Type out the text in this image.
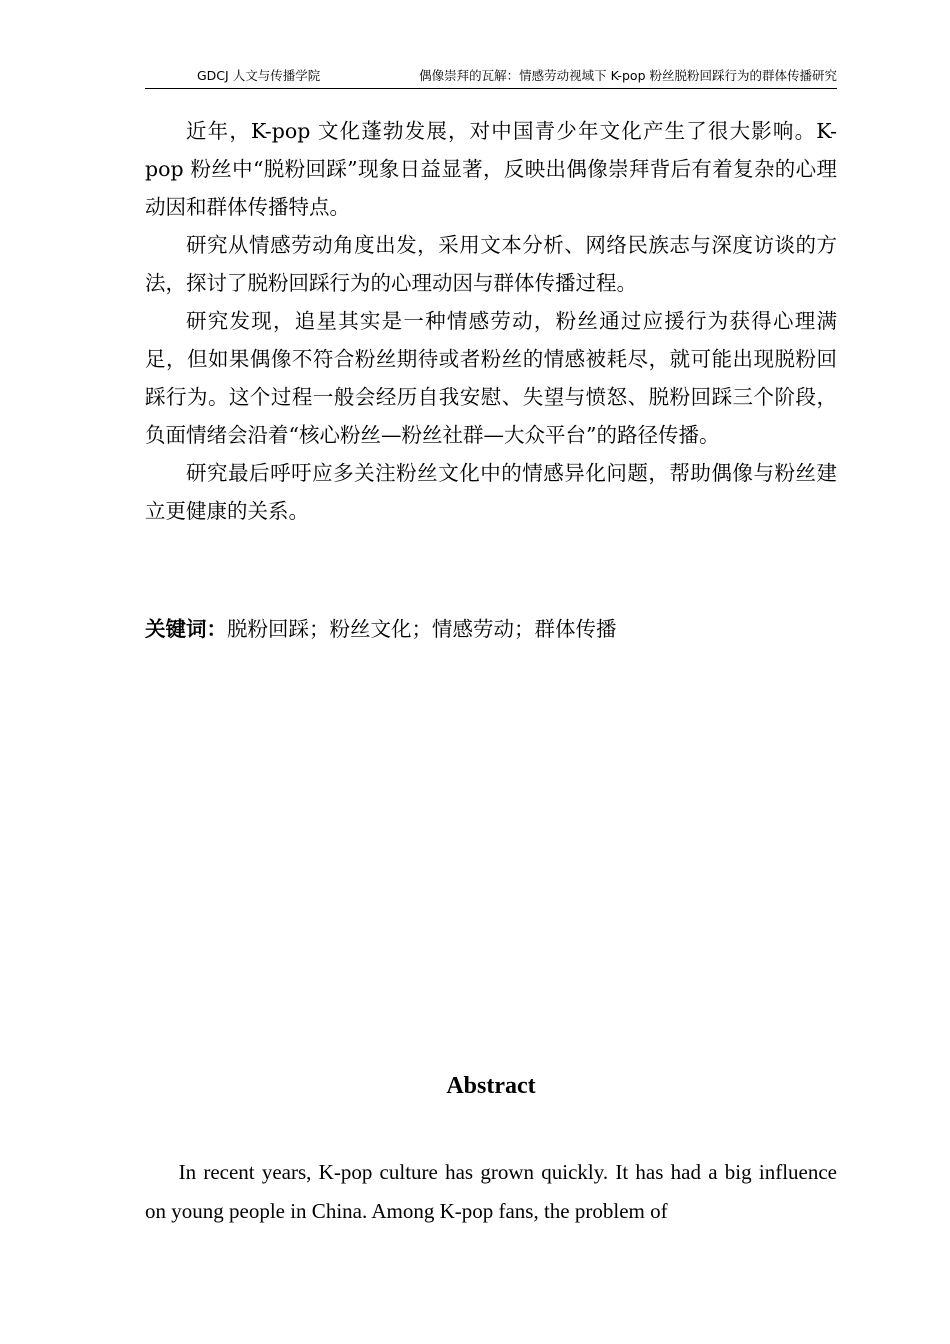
GDCJ 人文与传播学院	偶像崇拜的瓦解：情感劳动视域下 K-pop 粉丝脱粉回踩行为的群体传播研究

近年，K-pop 文化蓬勃发展，对中国青少年文化产生了很大影响。K-pop 粉丝中“脱粉回踩”现象日益显著，反映出偶像崇拜背后有着复杂的心理动因和群体传播特点。

研究从情感劳动角度出发，采用文本分析、网络民族志与深度访谈的方法，探讨了脱粉回踩行为的心理动因与群体传播过程。

研究发现，追星其实是一种情感劳动，粉丝通过应援行为获得心理满足，但如果偶像不符合粉丝期待或者粉丝的情感被耗尽，就可能出现脱粉回踩行为。这个过程一般会经历自我安慰、失望与愤怒、脱粉回踩三个阶段，负面情绪会沿着“核心粉丝—粉丝社群—大众平台”的路径传播。

研究最后呼吁应多关注粉丝文化中的情感异化问题，帮助偶像与粉丝建立更健康的关系。

关键词：脱粉回踩；粉丝文化；情感劳动；群体传播
Abstract

In recent years, K-pop culture has grown quickly. It has had a big influence on young people in China. Among K-pop fans, the problem of
